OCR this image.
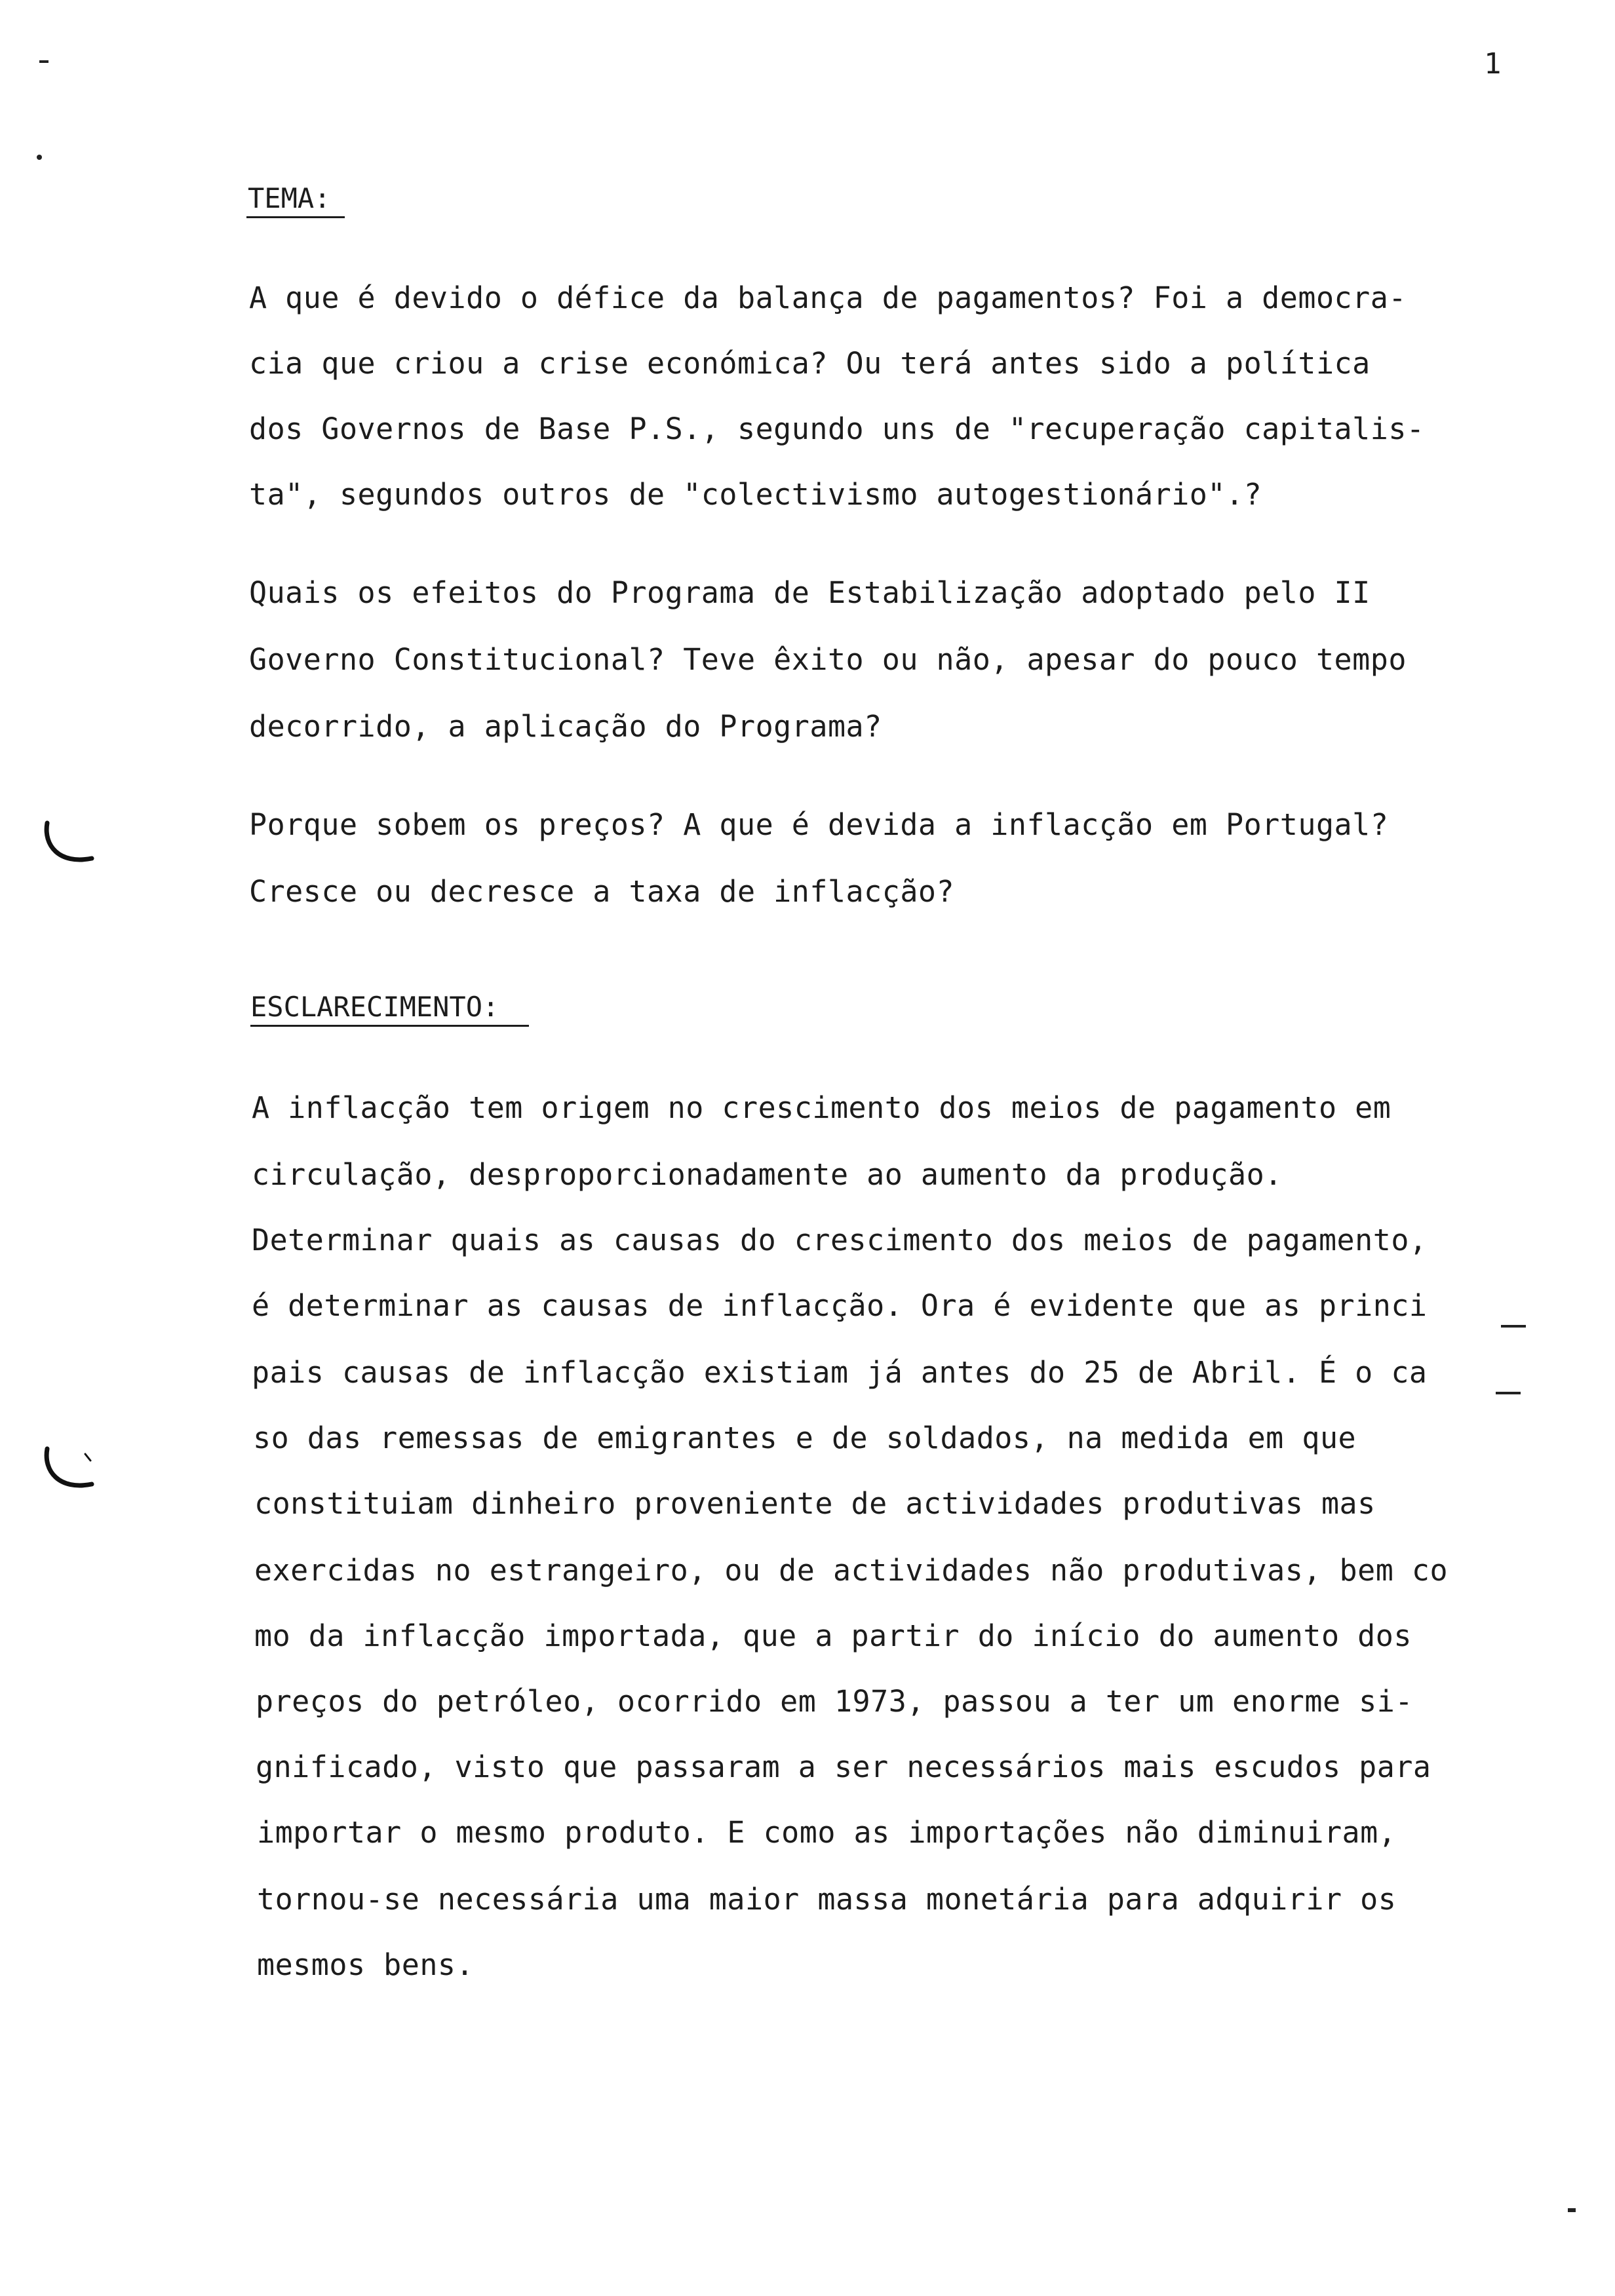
1
TEMA:
A que é devido o défice da balança de pagamentos? Foi a democra-
cia que criou a crise económica? Ou terá antes sido a política
dos Governos de Base P.S., segundo uns de "recuperação capitalis-
ta", segundos outros de "colectivismo autogestionário".?
Quais os efeitos do Programa de Estabilização adoptado pelo II
Governo Constitucional? Teve êxito ou não, apesar do pouco tempo
decorrido, a aplicação do Programa?
Porque sobem os preços? A que é devida a inflacção em Portugal?
Cresce ou decresce a taxa de inflacção?
ESCLARECIMENTO:
A inflacção tem origem no crescimento dos meios de pagamento em
circulação, desproporcionadamente ao aumento da produção.
Determinar quais as causas do crescimento dos meios de pagamento,
é determinar as causas de inflacção. Ora é evidente que as princi
pais causas de inflacção existiam já antes do 25 de Abril. É o ca
so das remessas de emigrantes e de soldados, na medida em que
constituiam dinheiro proveniente de actividades produtivas mas
exercidas no estrangeiro, ou de actividades não produtivas, bem co
mo da inflacção importada, que a partir do início do aumento dos
preços do petróleo, ocorrido em 1973, passou a ter um enorme si-
gnificado, visto que passaram a ser necessários mais escudos para
importar o mesmo produto. E como as importações não diminuiram,
tornou-se necessária uma maior massa monetária para adquirir os
mesmos bens.
